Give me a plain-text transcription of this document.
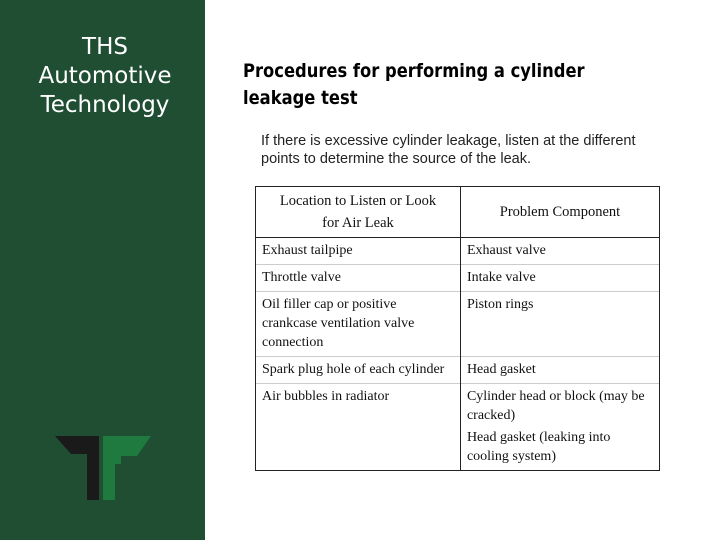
THS
Automotive
Technology
Procedures for performing a cylinder
leakage test
If there is excessive cylinder leakage, listen at the different
points to determine the source of the leak.
Location to Listen or Look
for Air Leak	Problem Component
Exhaust tailpipe	Exhaust valve

Throttle valve	Intake valve

Oil filler cap or positive crankcase ventilation valve connection	Piston rings

Spark plug hole of each cylinder	Head gasket

Air bubbles in radiator	Cylinder head or block (may be cracked)
Head gasket (leaking into cooling system)
